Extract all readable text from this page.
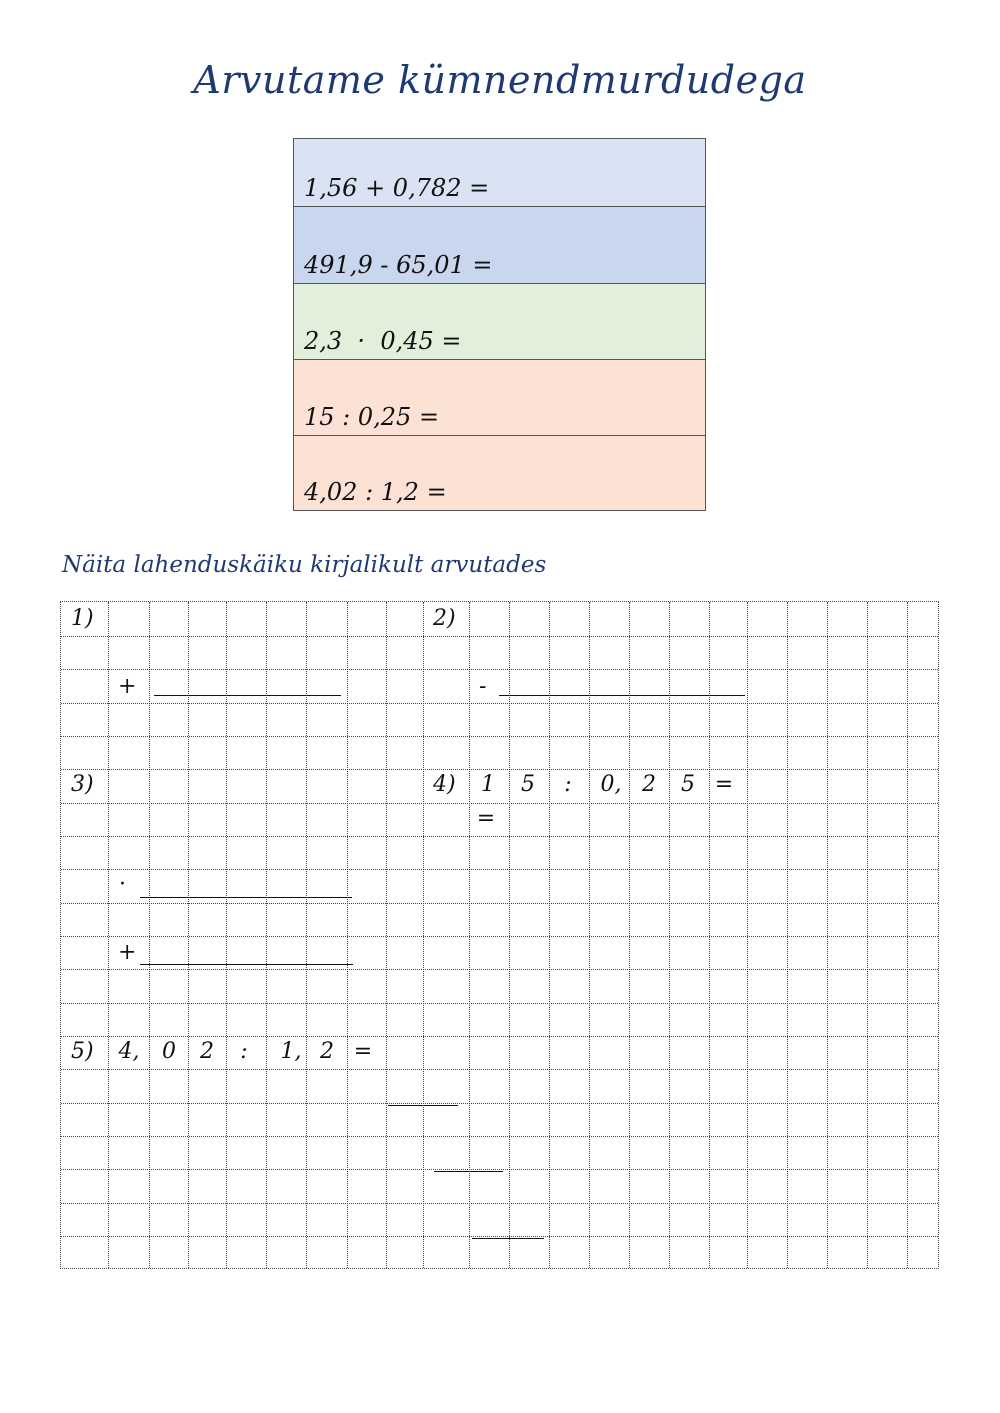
Arvutame kümnendmurdudega
1,56 + 0,782 =
491,9 - 65,01 =
2,3  ·  0,45 =
15 : 0,25 =
4,02 : 1,2 =
Näita lahenduskäiku kirjalikult arvutades
1)
+
2)
-
3)
·
+
4)	1	5	:	0, 2	5 =
=
5)	4,	0	2	:	1, 2 =
